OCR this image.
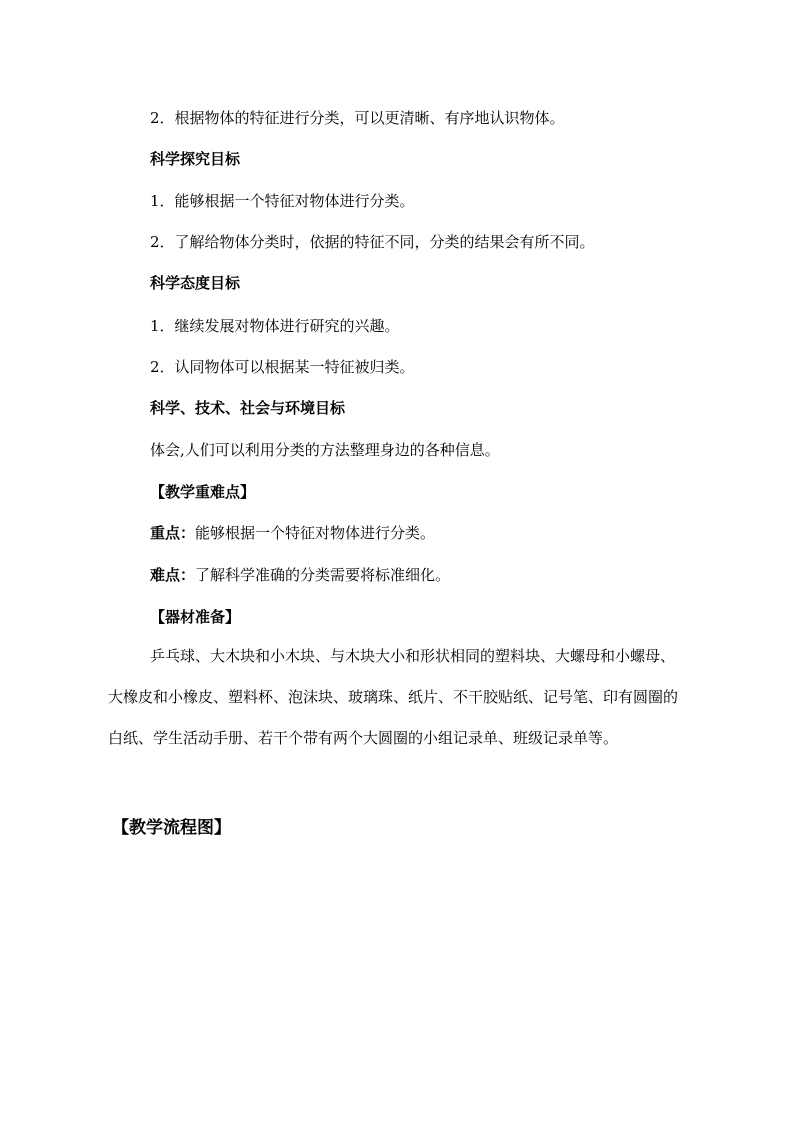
2．根据物体的特征进行分类，可以更清晰、有序地认识物体。
科学探究目标
1．能够根据一个特征对物体进行分类。
2．了解给物体分类时，依据的特征不同，分类的结果会有所不同。
科学态度目标
1．继续发展对物体进行研究的兴趣。
2．认同物体可以根据某一特征被归类。
科学、技术、社会与环境目标
体会,人们可以利用分类的方法整理身边的各种信息。
【教学重难点】
重点：能够根据一个特征对物体进行分类。
难点：了解科学准确的分类需要将标准细化。
【器材准备】
乒乓球、大木块和小木块、与木块大小和形状相同的塑料块、大螺母和小螺母、大橡皮和小橡皮、塑料杯、泡沫块、玻璃珠、纸片、不干胶贴纸、记号笔、印有圆圈的白纸、学生活动手册、若干个带有两个大圆圈的小组记录单、班级记录单等。
【教学流程图】
